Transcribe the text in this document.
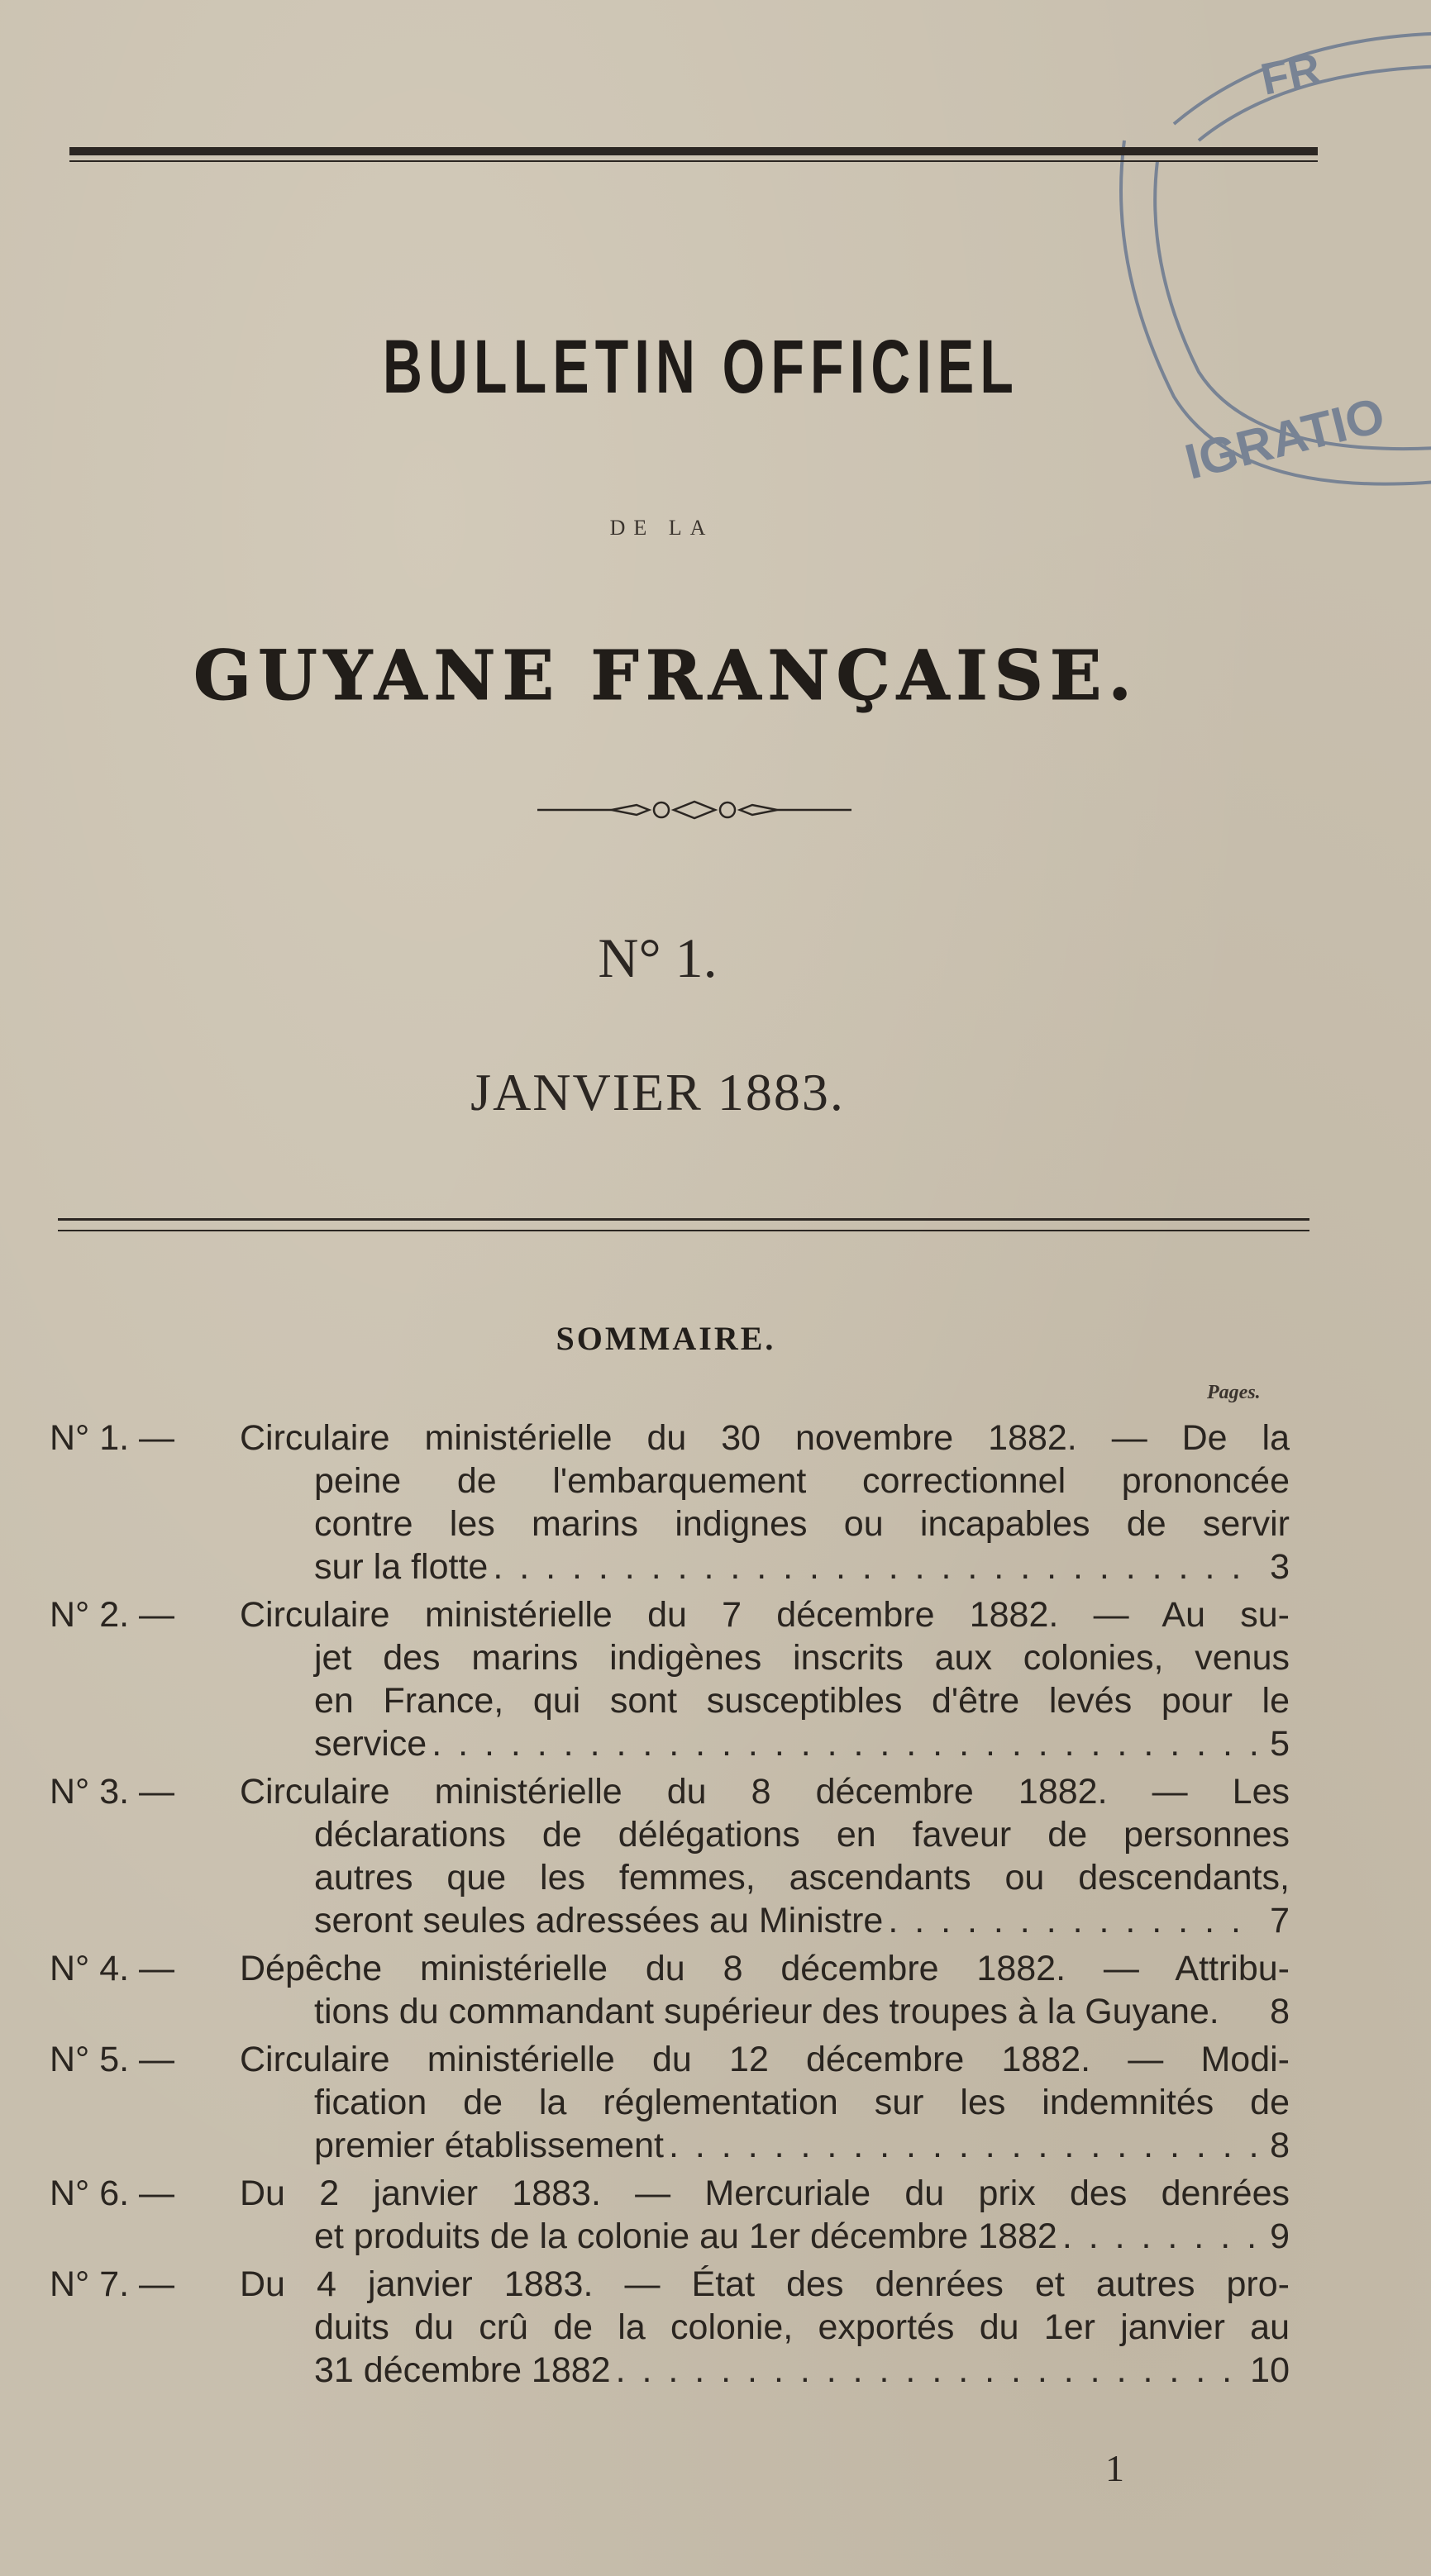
FR
IGRATIO
BULLETIN OFFICIEL
DE LA
GUYANE FRANÇAISE.
N° 1.
JANVIER 1883.
SOMMAIRE.
Pages.
N° 1. —	Circulaire ministérielle du 30 novembre 1882. — De la
peine de l'embarquement correctionnel prononcée
contre les marins indignes ou incapables de servir
sur la flotte . . .	3
N° 2. —	Circulaire ministérielle du 7 décembre 1882. — Au su-
jet des marins indigènes inscrits aux colonies, venus
en France, qui sont susceptibles d'être levés pour le
service . . .	5
N° 3. —	Circulaire ministérielle du 8 décembre 1882. — Les
déclarations de délégations en faveur de personnes
autres que les femmes, ascendants ou descendants,
seront seules adressées au Ministre . . .	7
N° 4. —	Dépêche ministérielle du 8 décembre 1882. — Attribu-
tions du commandant supérieur des troupes à la Guyane.	8
N° 5. —	Circulaire ministérielle du 12 décembre 1882. — Modi-
fication de la réglementation sur les indemnités de
premier établissement . . .	8
N° 6. —	Du 2 janvier 1883. — Mercuriale du prix des denrées
et produits de la colonie au 1er décembre 1882 . . .	9
N° 7. —	Du 4 janvier 1883. — État des denrées et autres pro-
duits du crû de la colonie, exportés du 1er janvier au
31 décembre 1882 . . .	10
1
